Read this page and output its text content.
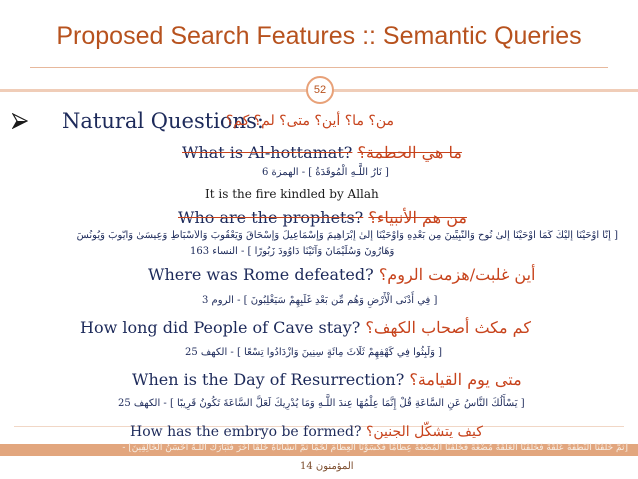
Proposed Search Features :: Semantic Queries
52
Natural Questions:
من؟ ما؟ أين؟ متى؟ لم؟ كم؟
What is Al-hottamat? ما هي الحطمة؟
[ نَارُ اللَّـهِ الْمُوقَدَةُ ] - الهمزة 6
It is the fire kindled by Allah
Who are the prophets? من هم الأنبياء؟
[ إِنَّا أَوْحَيْنَا إِلَيْكَ كَمَا أَوْحَيْنَا إِلَىٰ نُوحٍ وَالنَّبِيِّينَ مِن بَعْدِهِ وَأَوْحَيْنَا إِلَىٰ إِبْرَاهِيمَ وَإِسْمَاعِيلَ وَإِسْحَاقَ وَيَعْقُوبَ وَالْأَسْبَاطِ وَعِيسَىٰ وَأَيُّوبَ وَيُونُسَ
وَهَارُونَ وَسُلَيْمَانَ وَآتَيْنَا دَاوُودَ زَبُورًا ] - النساء 163
Where was Rome defeated? أين غلبت/هزمت الروم؟
[ فِي أَدْنَى الْأَرْضِ وَهُم مِّن بَعْدِ غَلَبِهِمْ سَيَغْلِبُونَ ] - الروم 3
How long did People of Cave stay? كم مكث أصحاب الكهف؟
[ وَلَبِثُوا فِي كَهْفِهِمْ ثَلَاثَ مِائَةٍ سِنِينَ وَازْدَادُوا تِسْعًا ] - الكهف 25
When is the Day of Resurrection? متى يوم القيامة؟
[ يَسْأَلُكَ النَّاسُ عَنِ السَّاعَةِ قُلْ إِنَّمَا عِلْمُهَا عِندَ اللَّـهِ وَمَا يُدْرِيكَ لَعَلَّ السَّاعَةَ تَكُونُ قَرِيبًا ] - الكهف 25
How has the embryo be formed? كيف يتشكّل الجنين؟
[ثُمَّ خَلَقْنَا النُّطْفَةَ عَلَقَةً فَخَلَقْنَا الْعَلَقَةَ مُضْغَةً فَخَلَقْنَا الْمُضْغَةَ عِظَامًا فَكَسَوْنَا الْعِظَامَ لَحْمًا ثُمَّ أَنشَأْنَاهُ خَلْقًا آخَرَ فَتَبَارَكَ اللَّـهُ أَحْسَنُ الْخَالِقِينَ] -
المؤمنون 14
